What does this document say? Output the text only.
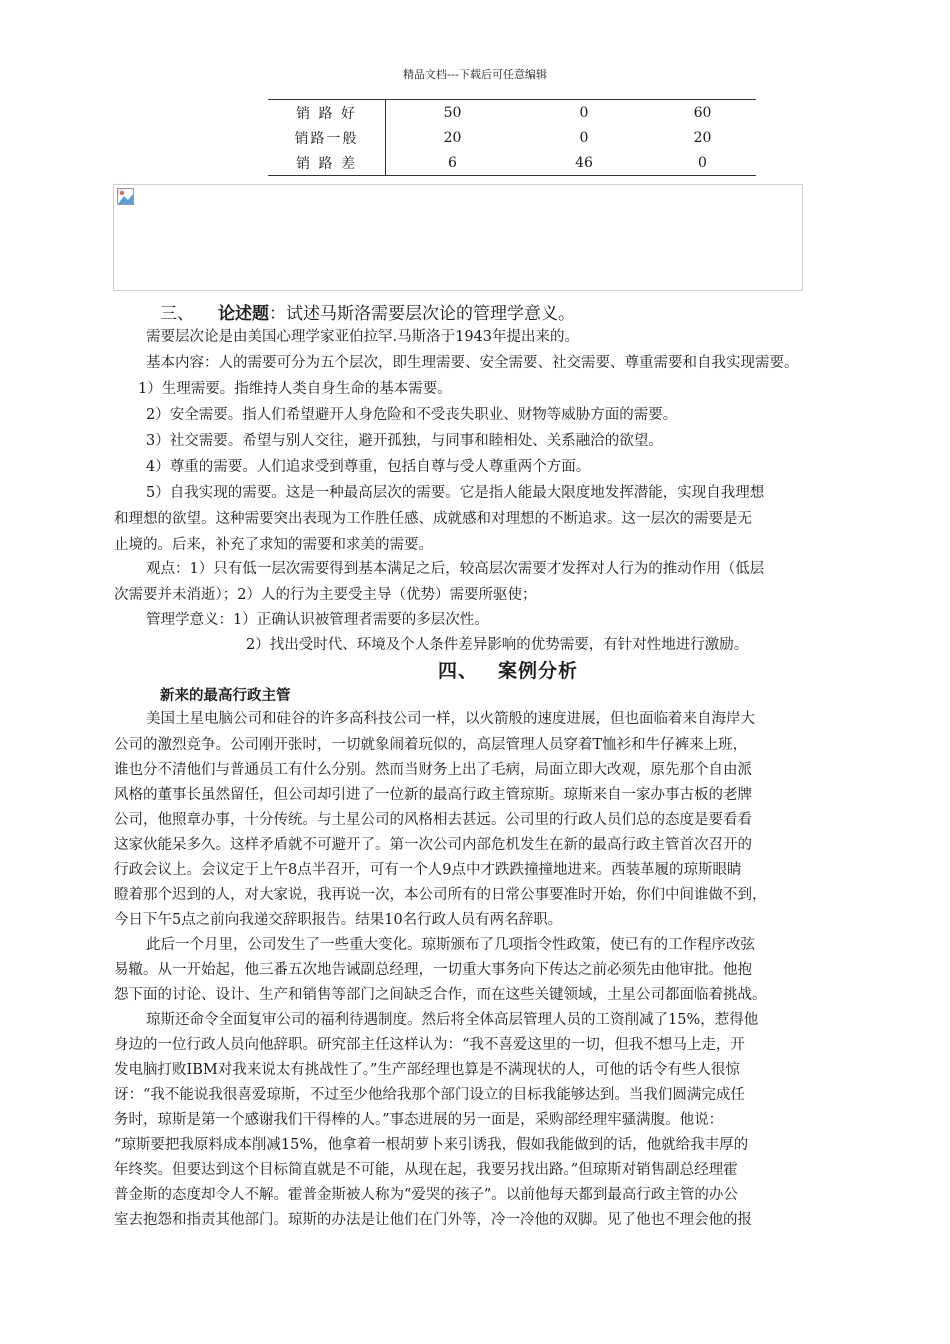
精品文档---下载后可任意编辑
销 路 好	50	0	60
销路一般	20	0	20
销 路 差	6	46	0
三、 论述题：试述马斯洛需要层次论的管理学意义。
需要层次论是由美国心理学家亚伯拉罕.马斯洛于1943年提出来的。
基本内容：人的需要可分为五个层次，即生理需要、安全需要、社交需要、尊重需要和自我实现需要。
1）生理需要。指维持人类自身生命的基本需要。
2）安全需要。指人们希望避开人身危险和不受丧失职业、财物等威胁方面的需要。
3）社交需要。希望与别人交往，避开孤独，与同事和睦相处、关系融洽的欲望。
4）尊重的需要。人们追求受到尊重，包括自尊与受人尊重两个方面。
5）自我实现的需要。这是一种最高层次的需要。它是指人能最大限度地发挥潜能，实现自我理想
和理想的欲望。这种需要突出表现为工作胜任感、成就感和对理想的不断追求。这一层次的需要是无
止境的。后来，补充了求知的需要和求美的需要。
观点：1）只有低一层次需要得到基本满足之后，较高层次需要才发挥对人行为的推动作用（低层
次需要并未消逝）；2）人的行为主要受主导（优势）需要所驱使；
管理学意义：1）正确认识被管理者需要的多层次性。
2）找出受时代、环境及个人条件差异影响的优势需要，有针对性地进行激励。
四、 案例分析
新来的最高行政主管
美国土星电脑公司和硅谷的许多高科技公司一样，以火箭般的速度进展，但也面临着来自海岸大
公司的激烈竞争。公司刚开张时，一切就象闹着玩似的，高层管理人员穿着T恤衫和牛仔裤来上班，
谁也分不清他们与普通员工有什么分别。然而当财务上出了毛病，局面立即大改观，原先那个自由派
风格的董事长虽然留任，但公司却引进了一位新的最高行政主管琼斯。琼斯来自一家办事古板的老牌
公司，他照章办事，十分传统。与土星公司的风格相去甚远。公司里的行政人员们总的态度是要看看
这家伙能呆多久。这样矛盾就不可避开了。第一次公司内部危机发生在新的最高行政主管首次召开的
行政会议上。会议定于上午8点半召开，可有一个人9点中才跌跌撞撞地进来。西装革履的琼斯眼睛
瞪着那个迟到的人，对大家说，我再说一次，本公司所有的日常公事要准时开始，你们中间谁做不到，
今日下午5点之前向我递交辞职报告。结果10名行政人员有两名辞职。
此后一个月里，公司发生了一些重大变化。琼斯颁布了几项指令性政策，使已有的工作程序改弦
易辙。从一开始起，他三番五次地告诫副总经理，一切重大事务向下传达之前必须先由他审批。他抱
怨下面的讨论、设计、生产和销售等部门之间缺乏合作，而在这些关键领域，土星公司都面临着挑战。
琼斯还命令全面复审公司的福利待遇制度。然后将全体高层管理人员的工资削减了15%，惹得他
身边的一位行政人员向他辞职。研究部主任这样认为：“我不喜爱这里的一切，但我不想马上走，开
发电脑打败IBM对我来说太有挑战性了。”生产部经理也算是不满现状的人，可他的话令有些人很惊
讶：“我不能说我很喜爱琼斯，不过至少他给我那个部门设立的目标我能够达到。当我们圆满完成任
务时，琼斯是第一个感谢我们干得棒的人。”事态进展的另一面是，采购部经理牢骚满腹。他说：
“琼斯要把我原料成本削减15%，他拿着一根胡萝卜来引诱我，假如我能做到的话，他就给我丰厚的
年终奖。但要达到这个目标简直就是不可能，从现在起，我要另找出路。”但琼斯对销售副总经理霍
普金斯的态度却令人不解。霍普金斯被人称为“爱哭的孩子”。以前他每天都到最高行政主管的办公
室去抱怨和指责其他部门。琼斯的办法是让他们在门外等，冷一冷他的双脚。见了他也不理会他的报
